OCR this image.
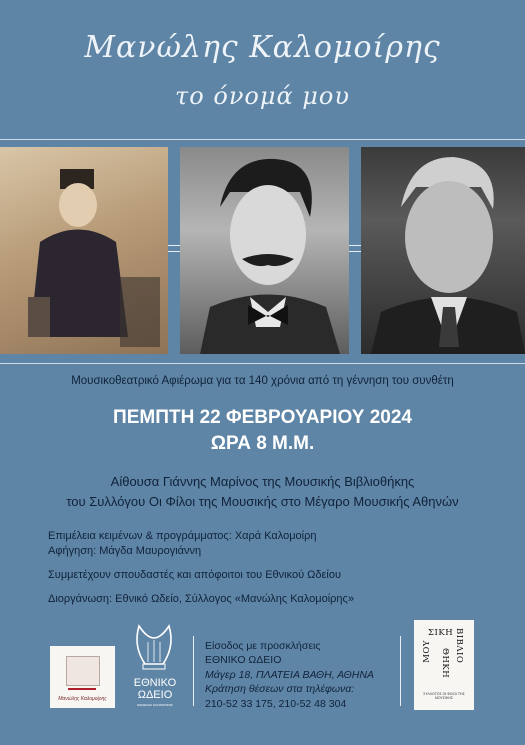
Μανώλης Καλομοίρης
το όνομά μου
Μουσικοθεατρικό Αφιέρωμα για τα 140 χρόνια από τη γέννηση του συνθέτη
ΠΕΜΠΤΗ 22 ΦΕΒΡΟΥΑΡΙΟΥ 2024
ΩΡΑ 8 Μ.Μ.
Αίθουσα Γιάννης Μαρίνος της Μουσικής Βιβλιοθήκης
του Συλλόγου Οι Φίλοι της Μουσικής στο Μέγαρο Μουσικής Αθηνών
Επιμέλεια κειμένων & προγράμματος: Χαρά Καλομοίρη
Αφήγηση: Μάγδα Μαυρογιάννη
Συμμετέχουν σπουδαστές και απόφοιτοι του Εθνικού Ωδείου
Διοργάνωση: Εθνικό Ωδείο, Σύλλογος «Μανώλης Καλομοίρης»
Μανώλης Καλομοίρης
ΕΘΝΙΚΟ
ΩΔΕΙΟ
ΜΑΝΩΛΗΣ ΚΑΛΟΜΟΙΡΗΣ
Είσοδος με προσκλήσεις
ΕΘΝΙΚΟ ΩΔΕΙΟ
Μάγερ 18, ΠΛΑΤΕΙΑ ΒΑΘΗ, ΑΘΗΝΑ
Κράτηση θέσεων στα τηλέφωνα:
210-52 33 175, 210-52 48 304
ΣΙΚΗ ΒΙΒΛΙΟ
ΜΟΥ ΘΗΚΗ
ΣΥΛΛΟΓΟΣ ΟΙ ΦΙΛΟΙ ΤΗΣ ΜΟΥΣΙΚΗΣ
